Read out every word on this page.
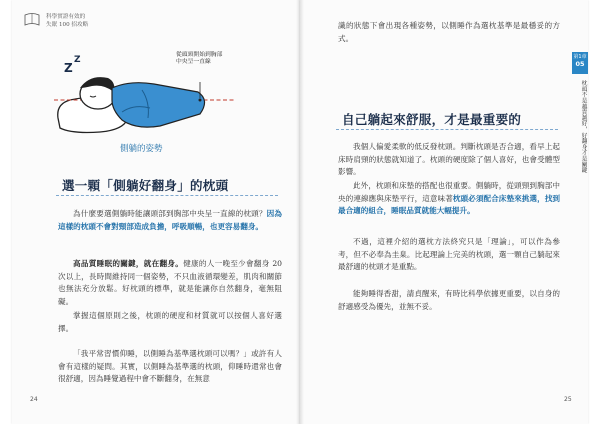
科學實證有效的
失眠 100 招攻略
Z
Z	從頭頸開始到胸部
中央呈一直線
側躺的姿勢
選一顆「側躺好翻身」的枕頭

為什麼要選側躺時能讓頭部到胸部中央呈一直線的枕頭？因為這樣的枕頭不會對頸部造成負擔，呼吸順暢，也更容易翻身。

高品質睡眠的關鍵，就在翻身。健康的人一晚至少會翻身 20 次以上，長時間維持同一個姿勢，不只血液循環變差，肌肉和關節也無法充分放鬆。好枕頭的標準，就是能讓你自然翻身，毫無阻礙。

掌握這個原則之後，枕頭的硬度和材質就可以按個人喜好選擇。

「我平常習慣仰睡，以側睡為基準選枕頭可以嗎？」或許有人會有這樣的疑問。其實，以側睡為基準選的枕頭，仰睡時還常也會很舒適，因為睡覺過程中會不斷翻身，在無意

24

識的狀態下會出現各種姿勢，以側睡作為選枕基準是最穩妥的方式。

自己躺起來舒服，才是最重要的

我個人偏愛柔軟的低反發枕頭。判斷枕頭是否合適，看早上起床時肩頸的狀態就知道了。枕頭的硬度除了個人喜好，也會受體型影響。

此外，枕頭和床墊的搭配也很重要。側躺時，從頭頸到胸部中央的連線應與床墊平行，這意味著枕頭必須配合床墊來挑選，找到最合適的組合，睡眠品質就能大幅提升。

不過，這裡介紹的選枕方法終究只是「理論」，可以作為參考，但不必奉為圭臬。比起理論上完美的枕頭，選一顆自己躺起來最舒適的枕頭才是重點。

能夠睡得香甜，請貞醒來，有時比科學依據更重要，以自身的舒適感受為優先，並無不妥。

25
第1章
05
枕頭不是越貴越好，好翻身才是關鍵
